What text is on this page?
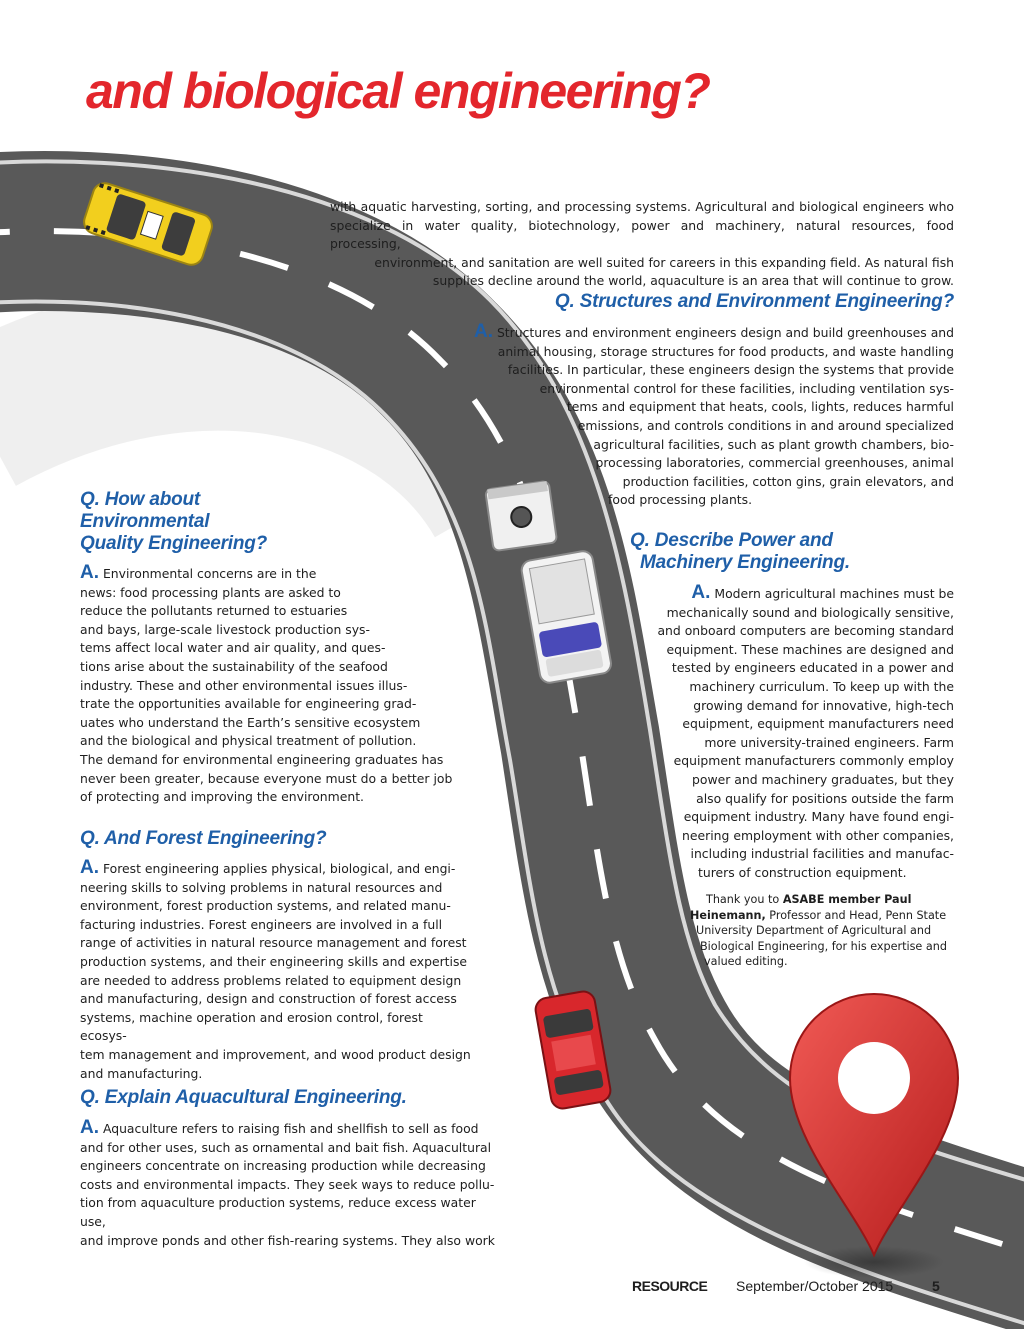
and biological engineering?

with aquatic harvesting, sorting, and processing systems. Agricultural and biological engineers who

specialize in water quality, biotechnology, power and machinery, natural resources, food processing,

environment, and sanitation are well suited for careers in this expanding field. As natural fish

supplies decline around the world, aquaculture is an area that will continue to grow.

Q. Structures and Environment Engineering?

A. Structures and environment engineers design and build greenhouses and

animal housing, storage structures for food products, and waste handling

facilities. In particular, these engineers design the systems that provide

environmental control for these facilities, including ventilation sys-

tems and equipment that heats, cools, lights, reduces harmful

emissions, and controls conditions in and around specialized

agricultural facilities, such as plant growth chambers, bio-

processing laboratories, commercial greenhouses, animal

production facilities, cotton gins, grain elevators, and

food processing plants.

Q. How about
Environmental
Quality Engineering?

A. Environmental concerns are in the

news: food processing plants are asked to

reduce the pollutants returned to estuaries

and bays, large-scale livestock production sys-

tems affect local water and air quality, and ques-

tions arise about the sustainability of the seafood

industry. These and other environmental issues illus-

trate the opportunities available for engineering grad-

uates who understand the Earth’s sensitive ecosystem

and the biological and physical treatment of pollution.

The demand for environmental engineering graduates has

never been greater, because everyone must do a better job

of protecting and improving the environment.

Q. Describe Power and
Machinery Engineering.

A. Modern agricultural machines must be

mechanically sound and biologically sensitive,

and onboard computers are becoming standard

equipment. These machines are designed and

tested by engineers educated in a power and

machinery curriculum. To keep up with the

growing demand for innovative, high-tech

equipment, equipment manufacturers need

more university-trained engineers. Farm

equipment manufacturers commonly employ

power and machinery graduates, but they

also qualify for positions outside the farm

equipment industry. Many have found engi-

neering employment with other companies,

including industrial facilities and manufac-

turers of construction equipment.

Thank you to ASABE member Paul
Heinemann, Professor and Head, Penn State
University Department of Agricultural and
Biological Engineering, for his expertise and
valued editing.
Q. And Forest Engineering?

A. Forest engineering applies physical, biological, and engi-

neering skills to solving problems in natural resources and

environment, forest production systems, and related manu-

facturing industries. Forest engineers are involved in a full

range of activities in natural resource management and forest

production systems, and their engineering skills and expertise

are needed to address problems related to equipment design

and manufacturing, design and construction of forest access

systems, machine operation and erosion control, forest ecosys-

tem management and improvement, and wood product design

and manufacturing.

Q. Explain Aquacultural Engineering.

A. Aquaculture refers to raising fish and shellfish to sell as food

and for other uses, such as ornamental and bait fish. Aquacultural

engineers concentrate on increasing production while decreasing

costs and environmental impacts. They seek ways to reduce pollu-

tion from aquaculture production systems, reduce excess water use,

and improve ponds and other fish-rearing systems. They also work

RESOURCE September/October 2015	5
